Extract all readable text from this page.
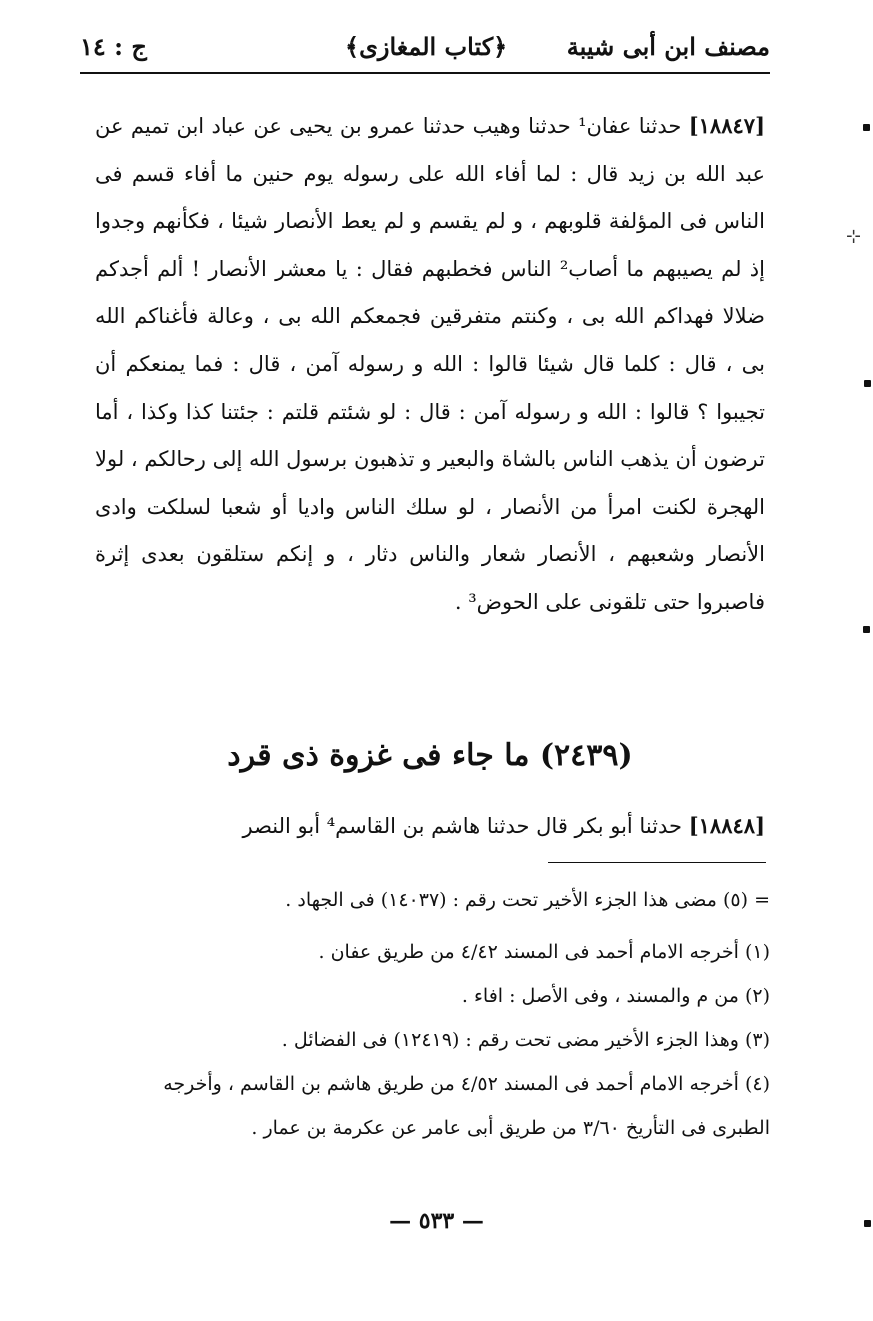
مصنف ابن أبى شيبة
﴿كتاب المغازى﴾
ج : ١٤
[١٨٨٤٧] حدثنا عفان¹ حدثنا وهيب حدثنا عمرو بن يحيى عن عباد ابن تميم عن عبد الله بن زيد قال : لما أفاء الله على رسوله يوم حنين ما أفاء قسم فى الناس فى المؤلفة قلوبهم ، و لم يقسم و لم يعط الأنصار شيئا ، فكأنهم وجدوا إذ لم يصيبهم ما أصاب² الناس فخطبهم فقال : يا معشر الأنصار ! ألم أجدكم ضلالا فهداكم الله بى ، وكنتم متفرقين فجمعكم الله بى ، وعالة فأغناكم الله بى ، قال : كلما قال شيئا قالوا : الله و رسوله آمن ، قال : فما يمنعكم أن تجيبوا ؟ قالوا : الله و رسوله آمن : قال : لو شئتم قلتم : جئتنا كذا وكذا ، أما ترضون أن يذهب الناس بالشاة والبعير و تذهبون برسول الله إلى رحالكم ، لولا الهجرة لكنت امرأ من الأنصار ، لو سلك الناس واديا أو شعبا لسلكت وادى الأنصار وشعبهم ، الأنصار شعار والناس دثار ، و إنكم ستلقون بعدى إثرة فاصبروا حتى تلقونى على الحوض³ .
(٢٤٣٩) ما جاء فى غزوة ذى قرد
[١٨٨٤٨] حدثنا أبو بكر قال حدثنا هاشم بن القاسم⁴ أبو النصر

= (٥) مضى هذا الجزء الأخير تحت رقم : (١٤٠٣٧) فى الجهاد .

(١) أخرجه الامام أحمد فى المسند ٤/٤٢ من طريق عفان .

(٢) من م والمسند ، وفى الأصل : افاء .

(٣) وهذا الجزء الأخير مضى تحت رقم : (١٢٤١٩) فى الفضائل .

(٤) أخرجه الامام أحمد فى المسند ٤/٥٢ من طريق هاشم بن القاسم ، وأخرجه

الطبرى فى التأريخ ٣/٦٠ من طريق أبى عامر عن عكرمة بن عمار .

— ٥٣٣ —
⊹
